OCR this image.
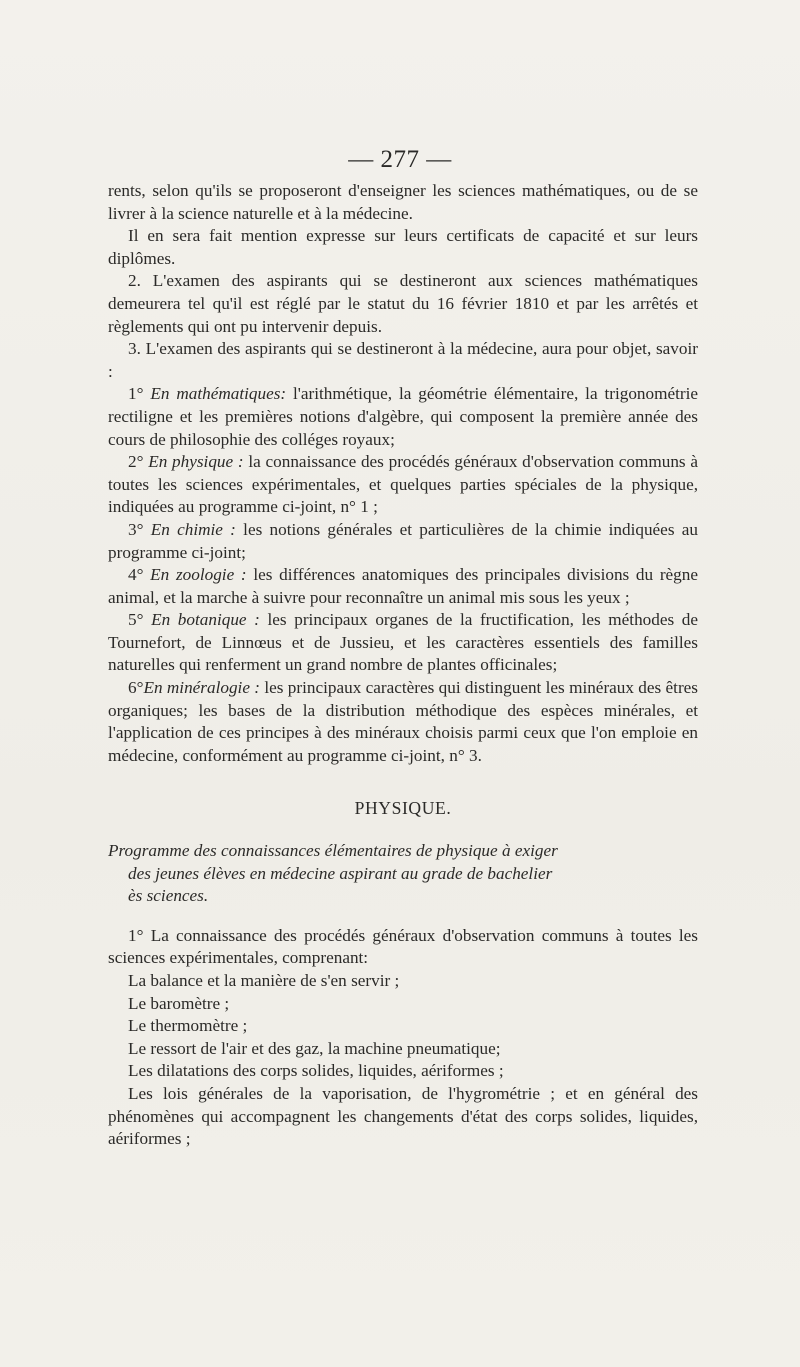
— 277 —

rents, selon qu'ils se proposeront d'enseigner les sciences mathématiques, ou de se livrer à la science naturelle et à la médecine.

Il en sera fait mention expresse sur leurs certificats de capacité et sur leurs diplômes.

2. L'examen des aspirants qui se destineront aux sciences mathématiques demeurera tel qu'il est réglé par le statut du 16 février 1810 et par les arrêtés et règlements qui ont pu intervenir depuis.

3. L'examen des aspirants qui se destineront à la médecine, aura pour objet, savoir :

1° En mathématiques: l'arithmétique, la géométrie élémentaire, la trigonométrie rectiligne et les premières notions d'algèbre, qui composent la première année des cours de philosophie des colléges royaux;

2° En physique : la connaissance des procédés généraux d'observation communs à toutes les sciences expérimentales, et quelques parties spéciales de la physique, indiquées au programme ci-joint, n° 1 ;

3° En chimie : les notions générales et particulières de la chimie indiquées au programme ci-joint;

4° En zoologie : les différences anatomiques des principales divisions du règne animal, et la marche à suivre pour reconnaître un animal mis sous les yeux ;

5° En botanique : les principaux organes de la fructification, les méthodes de Tournefort, de Linnœus et de Jussieu, et les caractères essentiels des familles naturelles qui renferment un grand nombre de plantes officinales;

6°En minéralogie : les principaux caractères qui distinguent les minéraux des êtres organiques; les bases de la distribution méthodique des espèces minérales, et l'application de ces principes à des minéraux choisis parmi ceux que l'on emploie en médecine, conformément au programme ci-joint, n° 3.

PHYSIQUE.

Programme des connaissances élémentaires de physique à exiger
des jeunes élèves en médecine aspirant au grade de bachelier
ès sciences.

1° La connaissance des procédés généraux d'observation communs à toutes les sciences expérimentales, comprenant:

La balance et la manière de s'en servir ;

Le baromètre ;

Le thermomètre ;

Le ressort de l'air et des gaz, la machine pneumatique;

Les dilatations des corps solides, liquides, aériformes ;

Les lois générales de la vaporisation, de l'hygrométrie ; et en général des phénomènes qui accompagnent les changements d'état des corps solides, liquides, aériformes ;
